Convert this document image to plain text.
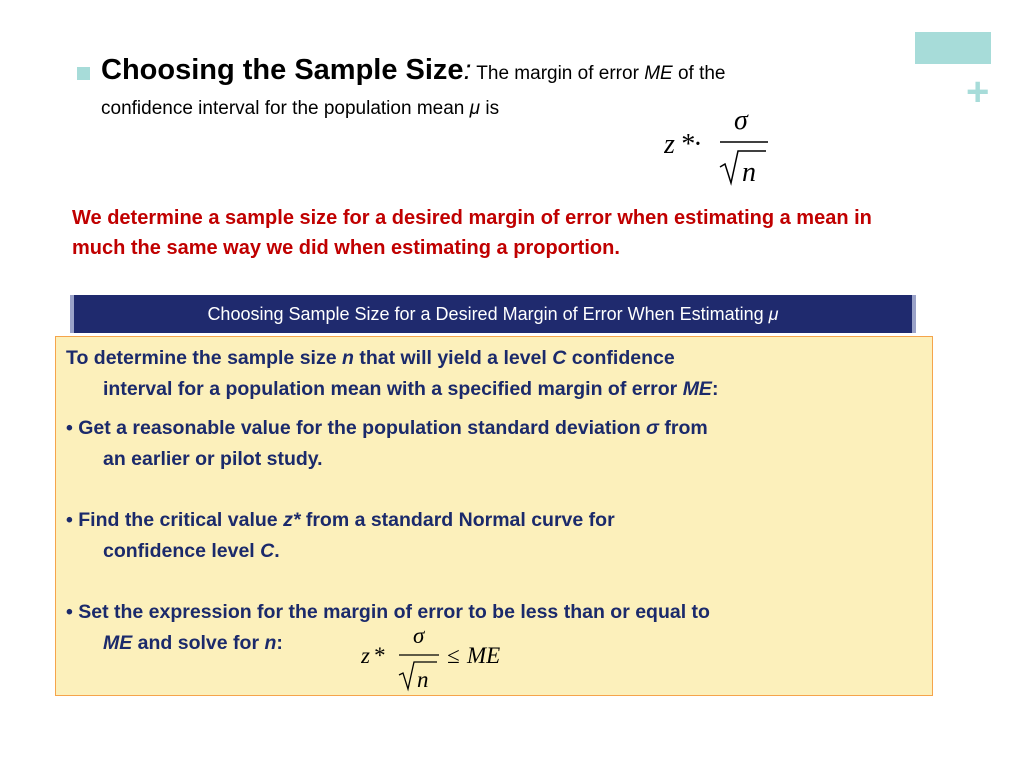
+
Choosing the Sample Size: The margin of error ME of the
confidence interval for the population mean μ is
z *·
σ
n
We determine a sample size for a desired margin of error when estimating a mean in much the same way we did when estimating a proportion.
Choosing Sample Size for a Desired Margin of Error When Estimating μ

To determine the sample size n that will yield a level C confidence
interval for a population mean with a specified margin of error ME:

• Get a reasonable value for the population standard deviation σ from
an earlier or pilot study.

• Find the critical value z* from a standard Normal curve for
confidence level C.

• Set the expression for the margin of error to be less than or equal to
ME and solve for n:	z *
σ
n
≤ ME
